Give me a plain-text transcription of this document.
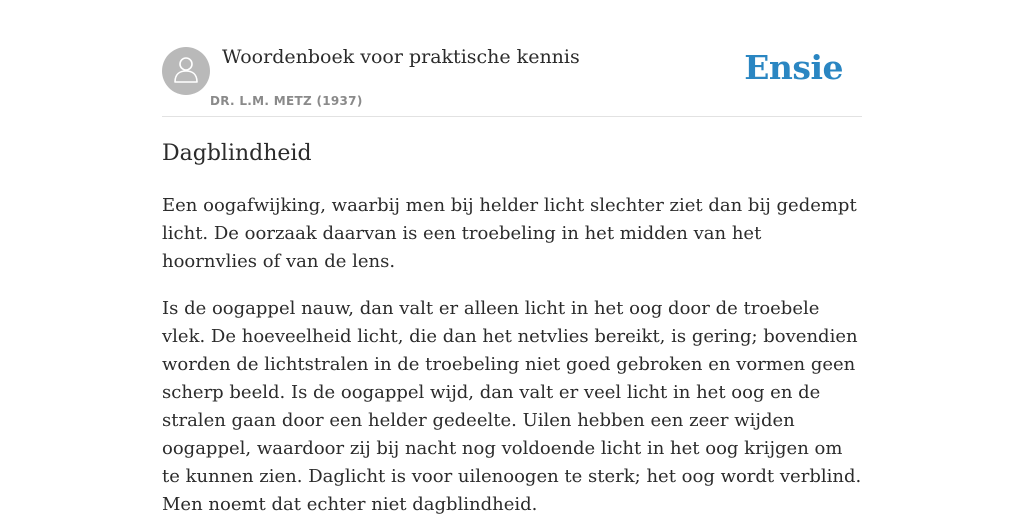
Woordenboek voor praktische kennis
DR. L.M. METZ (1937)
Ensie
Dagblindheid

Een oogafwijking, waarbij men bij helder licht slechter ziet dan bij gedempt licht. De oorzaak daarvan is een troebeling in het midden van het hoornvlies of van de lens.

Is de oogappel nauw, dan valt er alleen licht in het oog door de troebele vlek. De hoeveelheid licht, die dan het netvlies bereikt, is gering; bovendien worden de lichtstralen in de troebeling niet goed gebroken en vormen geen scherp beeld. Is de oogappel wijd, dan valt er veel licht in het oog en de stralen gaan door een helder gedeelte. Uilen hebben een zeer wijden oogappel, waardoor zij bij nacht nog voldoende licht in het oog krijgen om te kunnen zien. Daglicht is voor uilenoogen te sterk; het oog wordt verblind. Men noemt dat echter niet dagblindheid.
